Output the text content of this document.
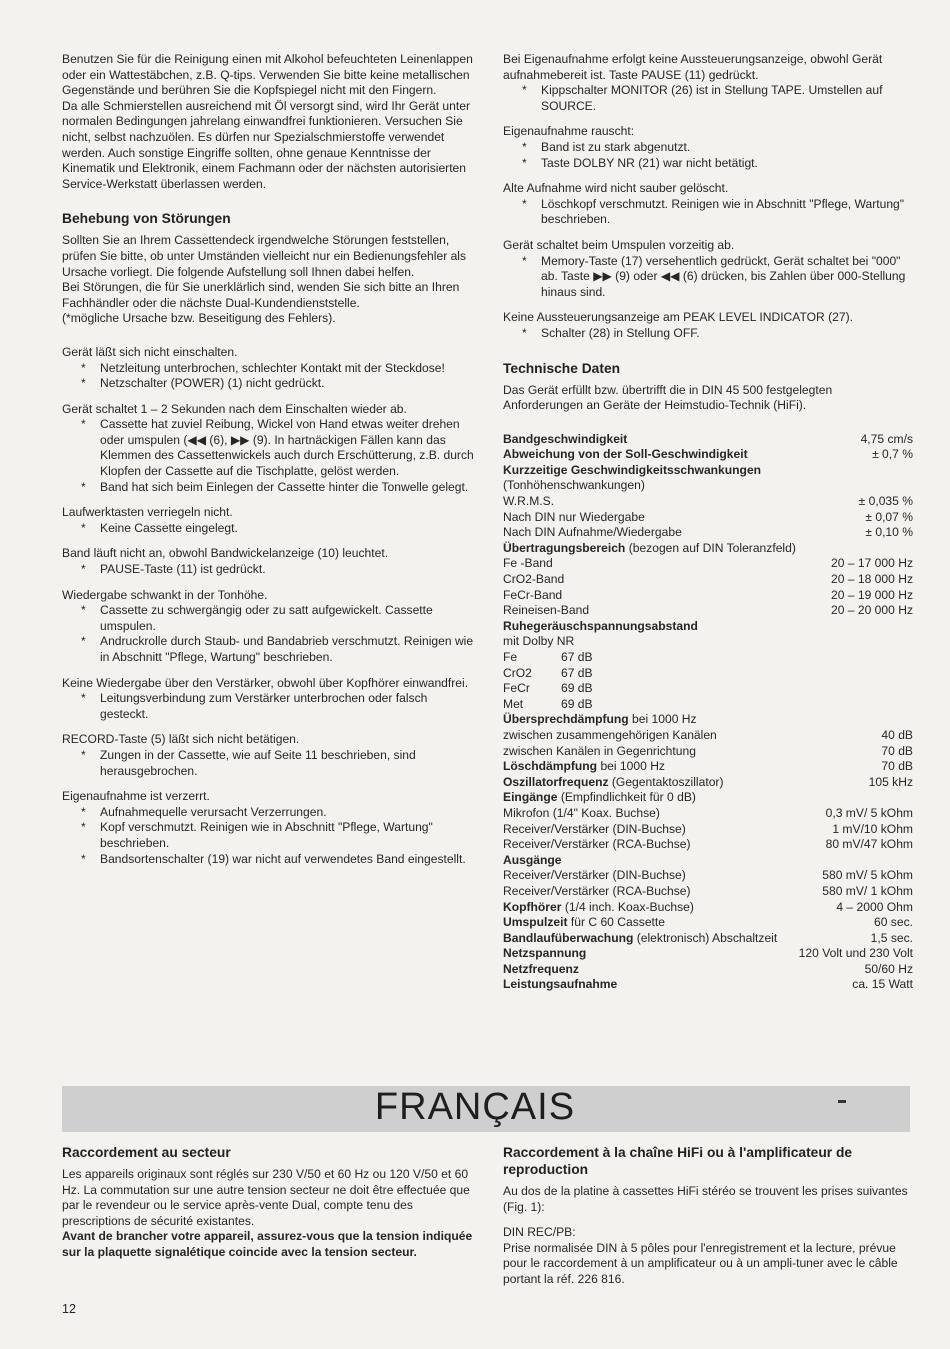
Benutzen Sie für die Reinigung einen mit Alkohol befeuchteten Leinenlappen oder ein Wattestäbchen, z.B. Q-tips. Verwenden Sie bitte keine metallischen Gegenstände und berühren Sie die Kopfspiegel nicht mit den Fingern.

Da alle Schmierstellen ausreichend mit Öl versorgt sind, wird Ihr Gerät unter normalen Bedingungen jahrelang einwandfrei funktionieren. Versuchen Sie nicht, selbst nachzuölen. Es dürfen nur Spezialschmierstoffe verwendet werden. Auch sonstige Eingriffe sollten, ohne genaue Kenntnisse der Kinematik und Elektronik, einem Fachmann oder der nächsten autorisierten Service-Werkstatt überlassen werden.

Behebung von Störungen

Sollten Sie an Ihrem Cassettendeck irgendwelche Störungen feststellen, prüfen Sie bitte, ob unter Umständen vielleicht nur ein Bedienungsfehler als Ursache vorliegt. Die folgende Aufstellung soll Ihnen dabei helfen.

Bei Störungen, die für Sie unerklärlich sind, wenden Sie sich bitte an Ihren Fachhändler oder die nächste Dual-Kundendienststelle.

(*mögliche Ursache bzw. Beseitigung des Fehlers).

Gerät läßt sich nicht einschalten.

* Netzleitung unterbrochen, schlechter Kontakt mit der Steckdose!
* Netzschalter (POWER) (1) nicht gedrückt.

Gerät schaltet 1 – 2 Sekunden nach dem Einschalten wieder ab.

* Cassette hat zuviel Reibung, Wickel von Hand etwas weiter drehen oder umspulen (◀◀ (6), ▶▶ (9). In hartnäckigen Fällen kann das Klemmen des Cassettenwickels auch durch Erschütterung, z.B. durch Klopfen der Cassette auf die Tischplatte, gelöst werden.
* Band hat sich beim Einlegen der Cassette hinter die Tonwelle gelegt.

Laufwerktasten verriegeln nicht.

* Keine Cassette eingelegt.

Band läuft nicht an, obwohl Bandwickelanzeige (10) leuchtet.

* PAUSE-Taste (11) ist gedrückt.

Wiedergabe schwankt in der Tonhöhe.

* Cassette zu schwergängig oder zu satt aufgewickelt. Cassette umspulen.
* Andruckrolle durch Staub- und Bandabrieb verschmutzt. Reinigen wie in Abschnitt "Pflege, Wartung" beschrieben.

Keine Wiedergabe über den Verstärker, obwohl über Kopfhörer einwandfrei.

* Leitungsverbindung zum Verstärker unterbrochen oder falsch gesteckt.

RECORD-Taste (5) läßt sich nicht betätigen.

* Zungen in der Cassette, wie auf Seite 11 beschrieben, sind herausgebrochen.

Eigenaufnahme ist verzerrt.

* Aufnahmequelle verursacht Verzerrungen.
* Kopf verschmutzt. Reinigen wie in Abschnitt "Pflege, Wartung" beschrieben.
* Bandsortenschalter (19) war nicht auf verwendetes Band eingestellt.

Bei Eigenaufnahme erfolgt keine Aussteuerungsanzeige, obwohl Gerät aufnahmebereit ist. Taste PAUSE (11) gedrückt.

* Kippschalter MONITOR (26) ist in Stellung TAPE. Umstellen auf SOURCE.

Eigenaufnahme rauscht:

* Band ist zu stark abgenutzt.
* Taste DOLBY NR (21) war nicht betätigt.

Alte Aufnahme wird nicht sauber gelöscht.

* Löschkopf verschmutzt. Reinigen wie in Abschnitt "Pflege, Wartung" beschrieben.

Gerät schaltet beim Umspulen vorzeitig ab.

* Memory-Taste (17) versehentlich gedrückt, Gerät schaltet bei "000" ab. Taste ▶▶ (9) oder ◀◀ (6) drücken, bis Zahlen über 000-Stellung hinaus sind.

Keine Aussteuerungsanzeige am PEAK LEVEL INDICATOR (27).

* Schalter (28) in Stellung OFF.
Technische Daten

Das Gerät erfüllt bzw. übertrifft die in DIN 45 500 festgelegten Anforderungen an Geräte der Heimstudio-Technik (HiFi).

Bandgeschwindigkeit	4,75 cm/s
Abweichung von der Soll-Geschwindigkeit	± 0,7 %
Kurzzeitige Geschwindigkeitsschwankungen	
(Tonhöhenschwankungen)	
W.R.M.S.	± 0,035 %
Nach DIN nur Wiedergabe	± 0,07 %
Nach DIN Aufnahme/Wiedergabe	± 0,10 %
Übertragungsbereich (bezogen auf DIN Toleranzfeld)	
Fe -Band	20 – 17 000 Hz
CrO2-Band	20 – 18 000 Hz
FeCr-Band	20 – 19 000 Hz
Reineisen-Band	20 – 20 000 Hz
Ruhegeräuschspannungsabstand	
mit Dolby NR	
Fe 67 dB	
CrO2 67 dB	
FeCr 69 dB	
Met 69 dB	
Übersprechdämpfung bei 1000 Hz	
zwischen zusammengehörigen Kanälen	40 dB
zwischen Kanälen in Gegenrichtung	70 dB
Löschdämpfung bei 1000 Hz	70 dB
Oszillatorfrequenz (Gegentaktoszillator)	105 kHz
Eingänge (Empfindlichkeit für 0 dB)	
Mikrofon (1/4" Koax. Buchse)	0,3 mV/ 5 kOhm
Receiver/Verstärker (DIN-Buchse)	1 mV/10 kOhm
Receiver/Verstärker (RCA-Buchse)	80 mV/47 kOhm
Ausgänge	
Receiver/Verstärker (DIN-Buchse)	580 mV/ 5 kOhm
Receiver/Verstärker (RCA-Buchse)	580 mV/ 1 kOhm
Kopfhörer (1/4 inch. Koax-Buchse)	4 – 2000 Ohm
Umspulzeit für C 60 Cassette	60 sec.
Bandlaufüberwachung (elektronisch) Abschaltzeit	1,5 sec.
Netzspannung	120 Volt und 230 Volt
Netzfrequenz	50/60 Hz
Leistungsaufnahme	ca. 15 Watt
FRANÇAIS
Raccordement au secteur

Les appareils originaux sont réglés sur 230 V/50 et 60 Hz ou 120 V/50 et 60 Hz. La commutation sur une autre tension secteur ne doit être effectuée que par le revendeur ou le service après-vente Dual, compte tenu des prescriptions de sécurité existantes.

Avant de brancher votre appareil, assurez-vous que la tension indiquée sur la plaquette signalétique coincide avec la tension secteur.

Raccordement à la chaîne HiFi ou à l'amplificateur de reproduction

Au dos de la platine à cassettes HiFi stéréo se trouvent les prises suivantes (Fig. 1):

DIN REC/PB:

Prise normalisée DIN à 5 pôles pour l'enregistrement et la lecture, prévue pour le raccordement à un amplificateur ou à un ampli-tuner avec le câble portant la réf. 226 816.

12
